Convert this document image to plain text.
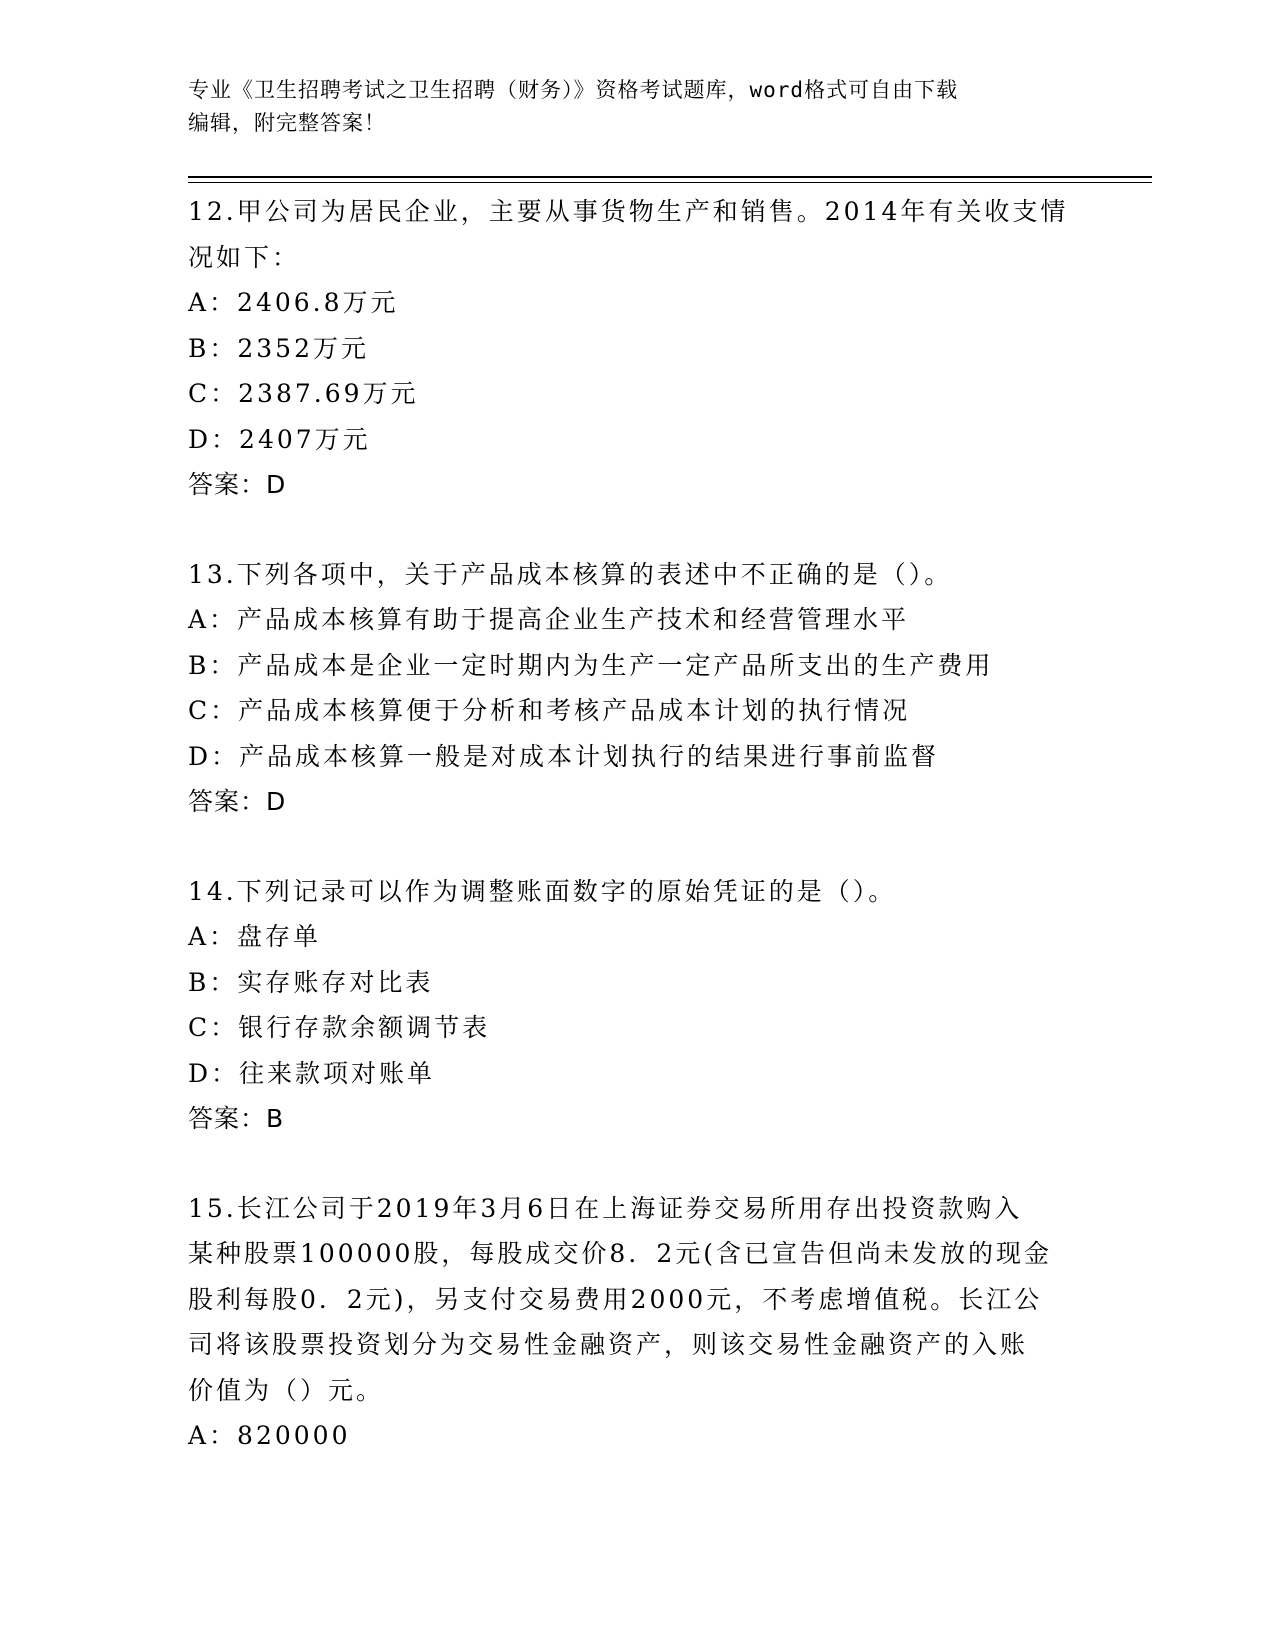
专业《卫生招聘考试之卫生招聘（财务）》资格考试题库，word格式可自由下载
编辑，附完整答案！
12.甲公司为居民企业，主要从事货物生产和销售。2014年有关收支情
况如下：
A：2406.8万元
B：2352万元
C：2387.69万元
D：2407万元
答案：D
13.下列各项中，关于产品成本核算的表述中不正确的是（）。
A：产品成本核算有助于提高企业生产技术和经营管理水平
B：产品成本是企业一定时期内为生产一定产品所支出的生产费用
C：产品成本核算便于分析和考核产品成本计划的执行情况
D：产品成本核算一般是对成本计划执行的结果进行事前监督
答案：D
14.下列记录可以作为调整账面数字的原始凭证的是（）。
A：盘存单
B：实存账存对比表
C：银行存款余额调节表
D：往来款项对账单
答案：B
15.长江公司于2019年3月6日在上海证券交易所用存出投资款购入
某种股票100000股，每股成交价8．2元(含已宣告但尚未发放的现金
股利每股0．2元)，另支付交易费用2000元，不考虑增值税。长江公
司将该股票投资划分为交易性金融资产，则该交易性金融资产的入账
价值为（）元。
A：820000
